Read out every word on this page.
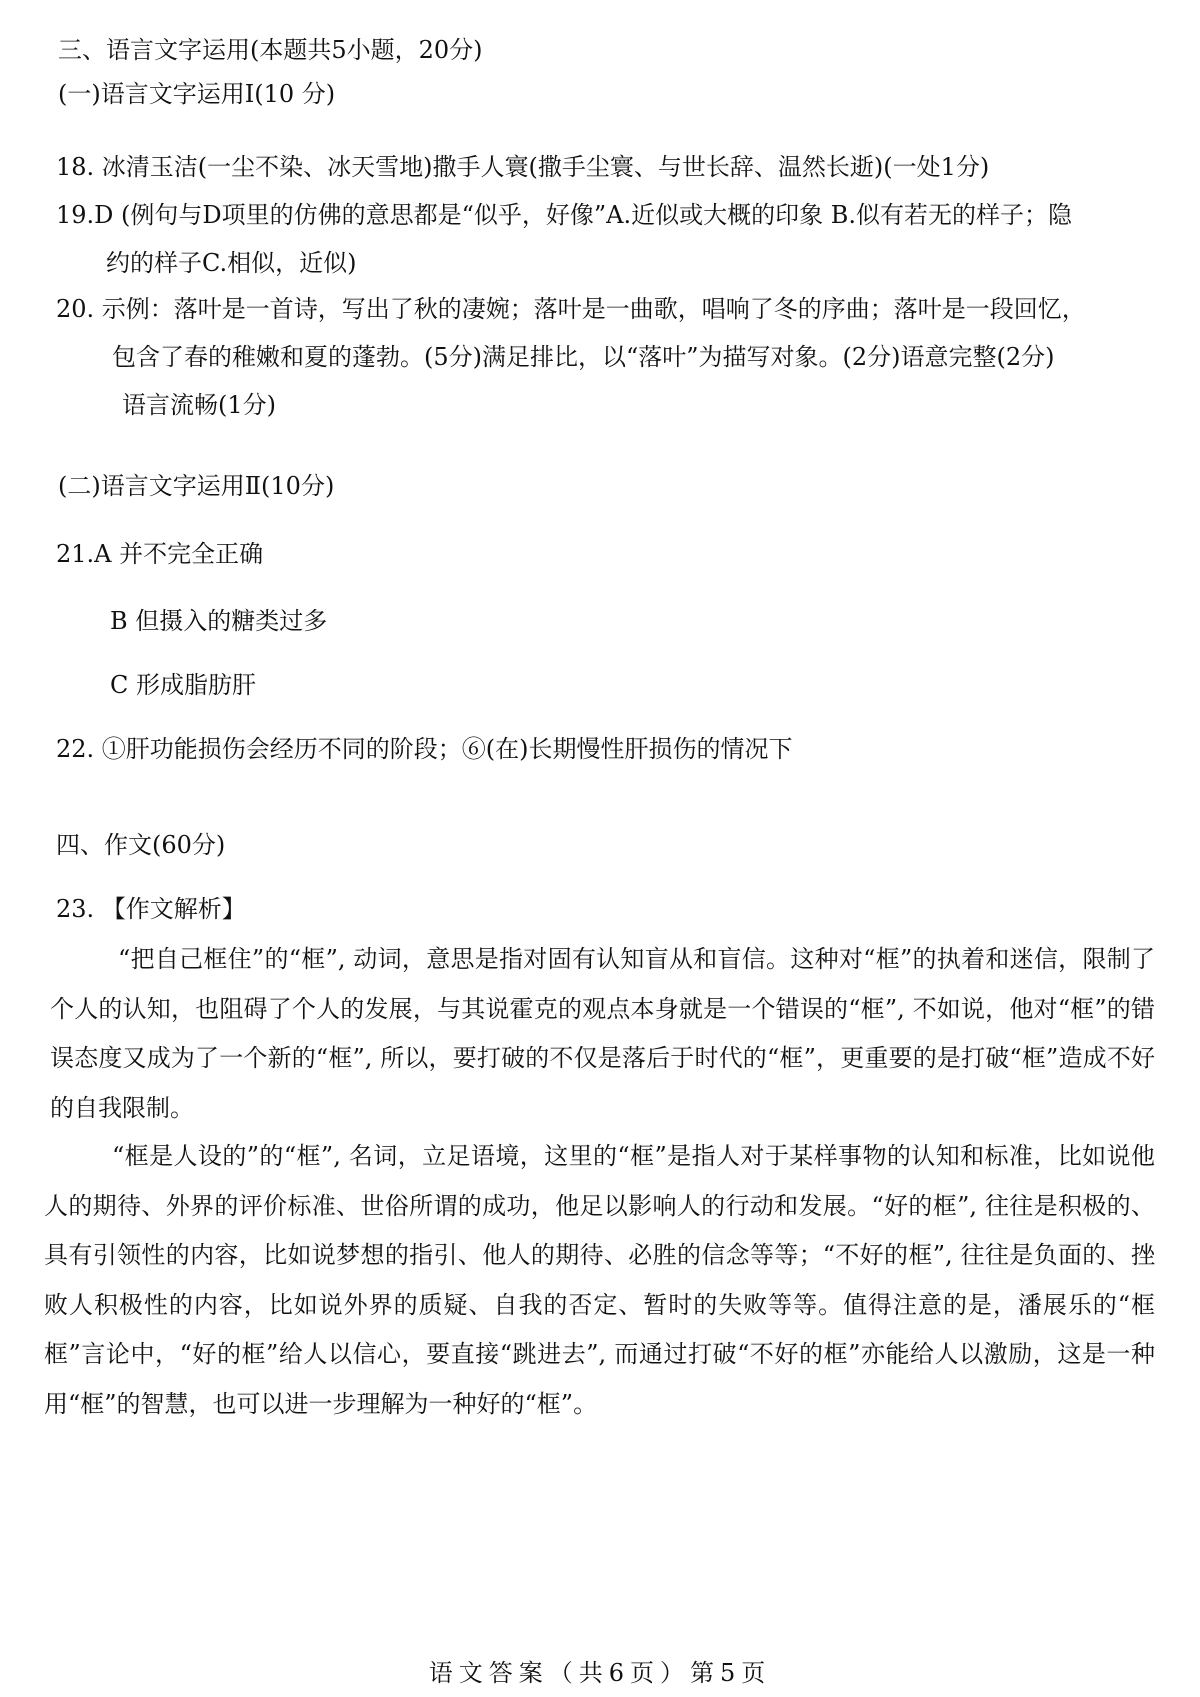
三、语言文字运用(本题共5小题，20分)
(一)语言文字运用Ⅰ(10 分)
18. 冰清玉洁(一尘不染、冰天雪地)撒手人寰(撒手尘寰、与世长辞、温然长逝)(一处1分)
19.D (例句与D项里的仿佛的意思都是“似乎，好像”A.近似或大概的印象 B.似有若无的样子；隐
约的样子C.相似，近似)
20. 示例：落叶是一首诗，写出了秋的凄婉；落叶是一曲歌，唱响了冬的序曲；落叶是一段回忆，
包含了春的稚嫩和夏的蓬勃。(5分)满足排比，以“落叶”为描写对象。(2分)语意完整(2分)
语言流畅(1分)
(二)语言文字运用Ⅱ(10分)
21.A 并不完全正确
B 但摄入的糖类过多
C 形成脂肪肝
22. ①肝功能损伤会经历不同的阶段；⑥(在)长期慢性肝损伤的情况下
四、作文(60分)
23. 【作文解析】

“把自己框住”的“框”, 动词，意思是指对固有认知盲从和盲信。这种对“框”的执着和迷信，限制了个人的认知，也阻碍了个人的发展，与其说霍克的观点本身就是一个错误的“框”, 不如说，他对“框”的错误态度又成为了一个新的“框”, 所以，要打破的不仅是落后于时代的“框”，更重要的是打破“框”造成不好的自我限制。

“框是人设的”的“框”, 名词，立足语境，这里的“框”是指人对于某样事物的认知和标准，比如说他人的期待、外界的评价标准、世俗所谓的成功，他足以影响人的行动和发展。“好的框”, 往往是积极的、具有引领性的内容，比如说梦想的指引、他人的期待、必胜的信念等等；“不好的框”, 往往是负面的、挫败人积极性的内容，比如说外界的质疑、自我的否定、暂时的失败等等。值得注意的是，潘展乐的“框框”言论中，“好的框”给人以信心，要直接“跳进去”, 而通过打破“不好的框”亦能给人以激励，这是一种用“框”的智慧，也可以进一步理解为一种好的“框”。

语文答案（共6页）第5页
